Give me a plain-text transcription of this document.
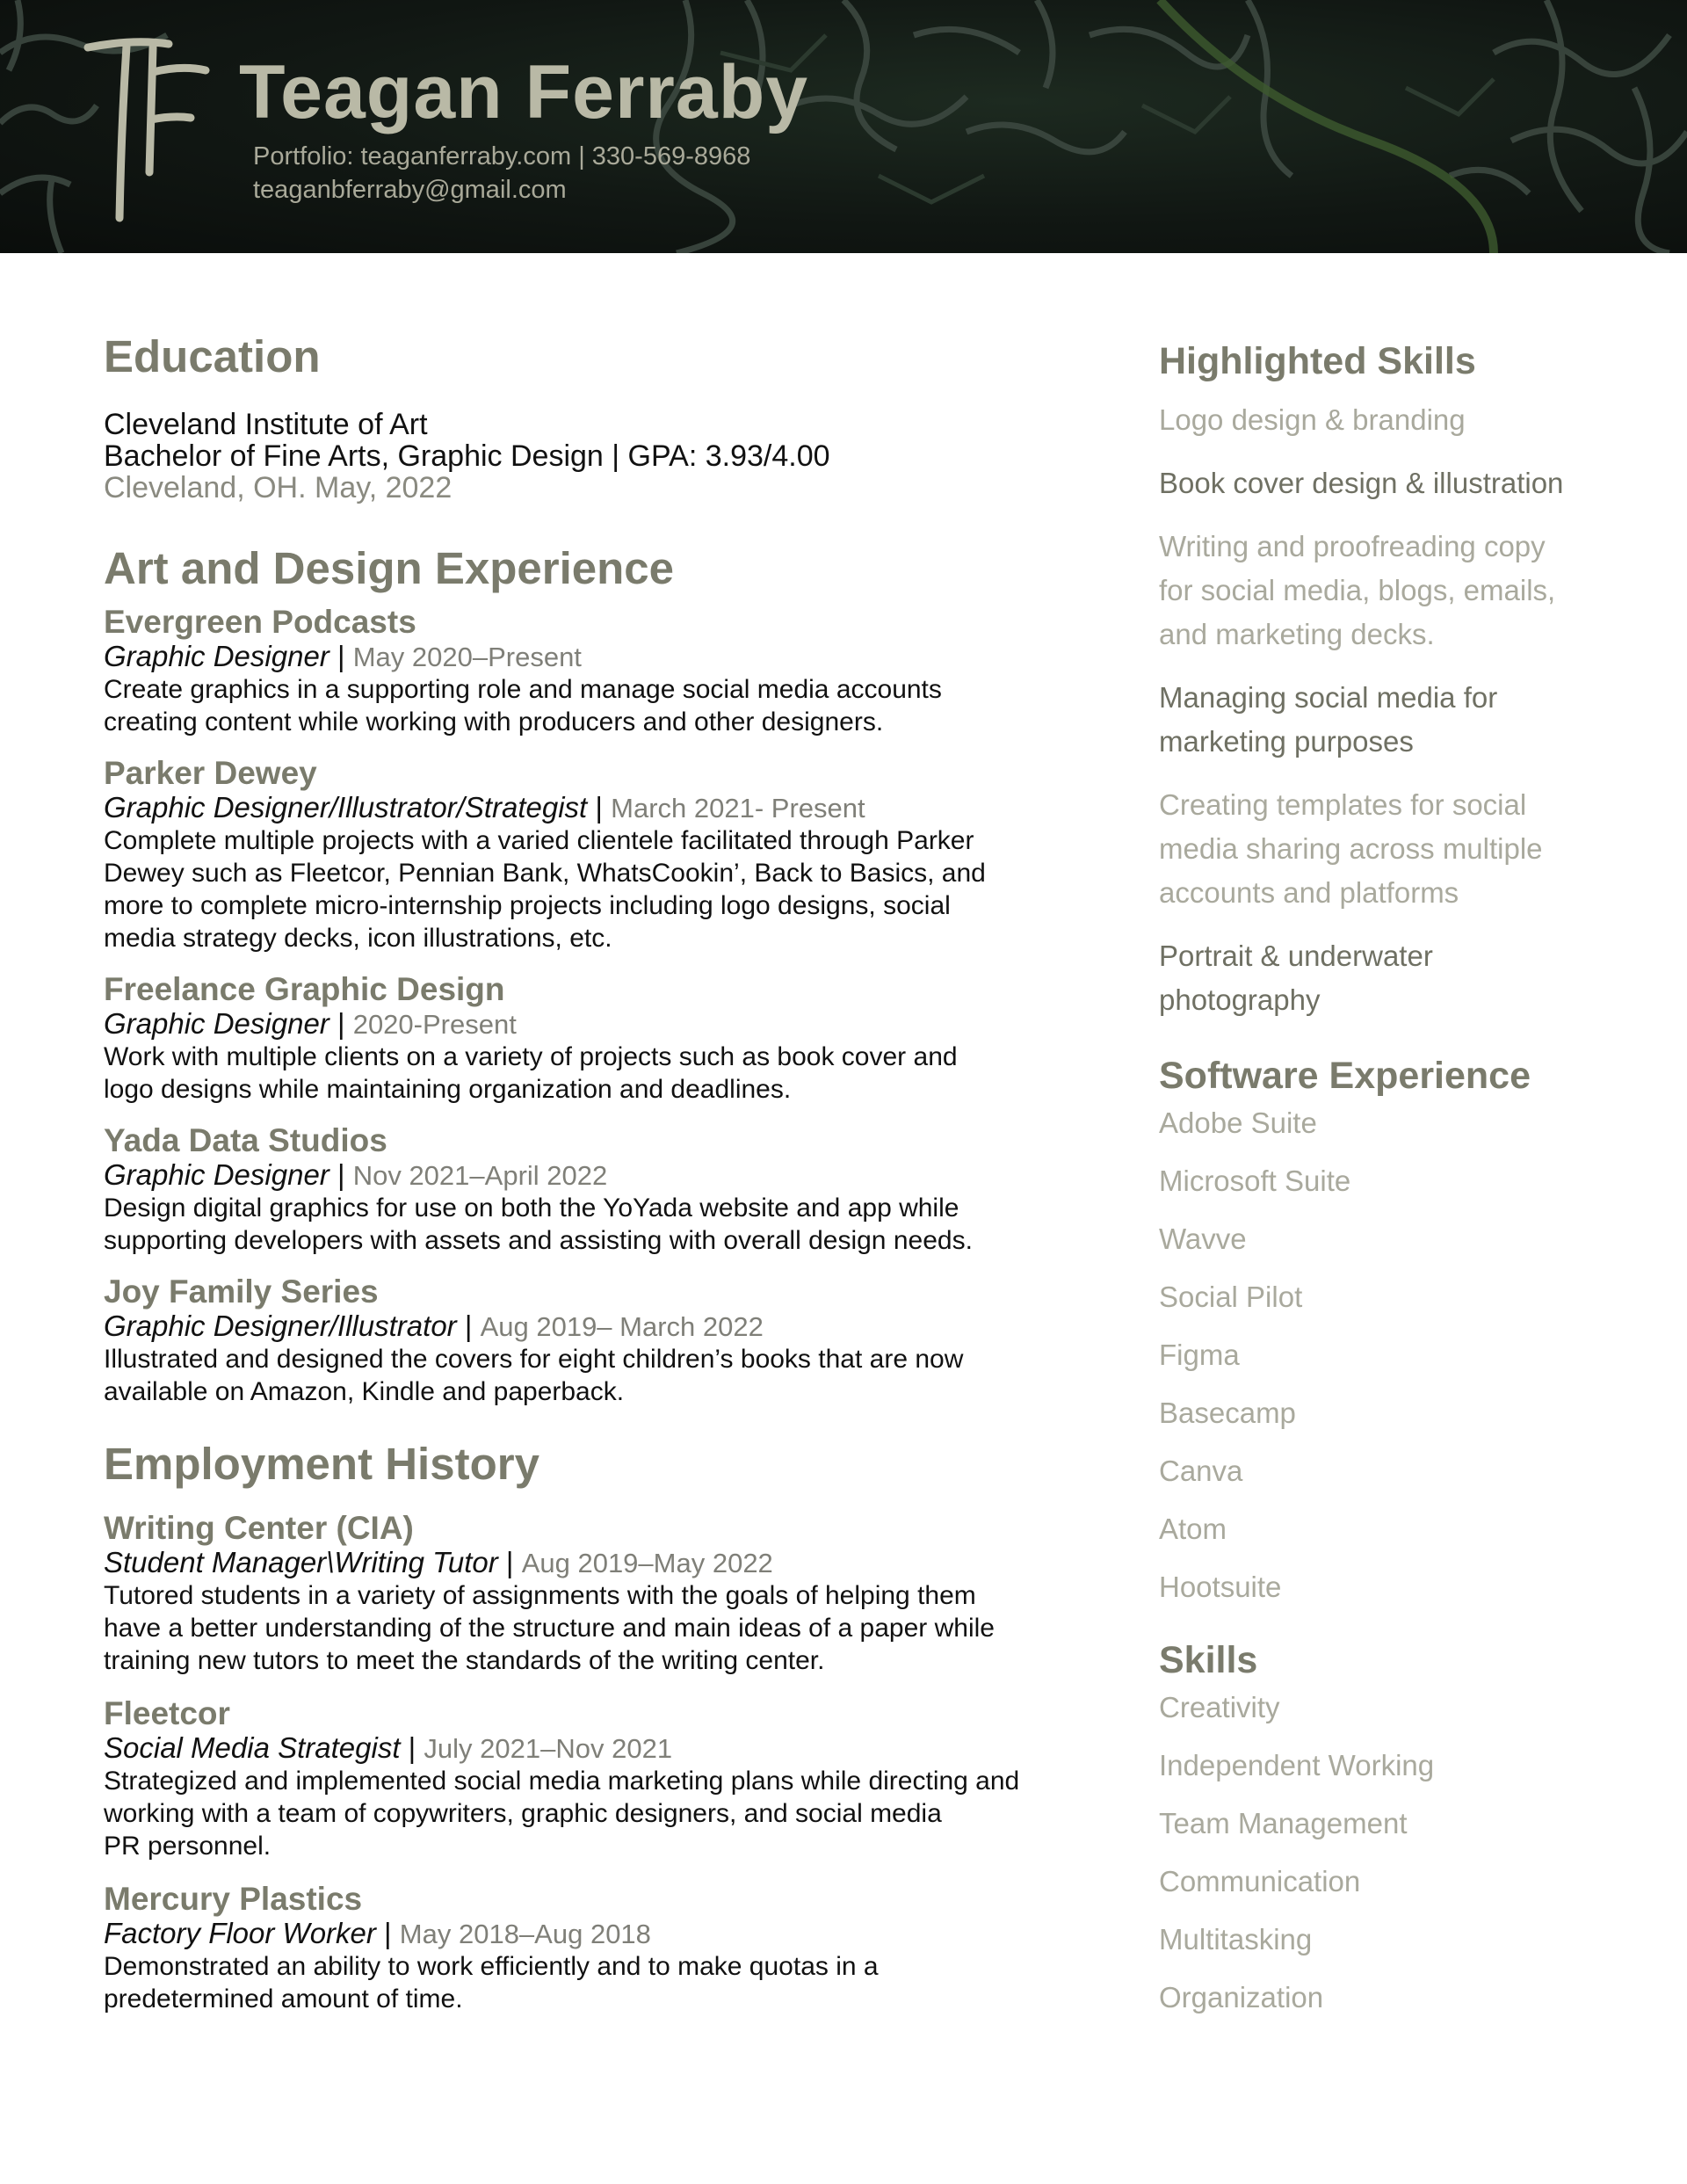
Teagan Ferraby
Portfolio: teaganferraby.com | 330-569-8968
teaganbferraby@gmail.com
Education
Cleveland Institute of Art
Bachelor of Fine Arts, Graphic Design | GPA: 3.93/4.00
Cleveland, OH. May, 2022
Art and Design Experience
Evergreen Podcasts
Graphic Designer | May 2020–Present
Create graphics in a supporting role and manage social media accounts
creating content while working with producers and other designers.
Parker Dewey
Graphic Designer/Illustrator/Strategist | March 2021- Present
Complete multiple projects with a varied clientele facilitated through Parker
Dewey such as Fleetcor, Pennian Bank, WhatsCookin’, Back to Basics, and
more to complete micro-internship projects including logo designs, social
media strategy decks, icon illustrations, etc.
Freelance Graphic Design
Graphic Designer | 2020-Present
Work with multiple clients on a variety of projects such as book cover and
logo designs while maintaining organization and deadlines.
Yada Data Studios
Graphic Designer | Nov 2021–April 2022
Design digital graphics for use on both the YoYada website and app while
supporting developers with assets and assisting with overall design needs.
Joy Family Series
Graphic Designer/Illustrator | Aug 2019– March 2022
Illustrated and designed the covers for eight children’s books that are now
available on Amazon, Kindle and paperback.
Employment History
Writing Center (CIA)
Student Manager\Writing Tutor | Aug 2019–May 2022
Tutored students in a variety of assignments with the goals of helping them
have a better understanding of the structure and main ideas of a paper while
training new tutors to meet the standards of the writing center.
Fleetcor
Social Media Strategist | July 2021–Nov 2021
Strategized and implemented social media marketing plans while directing and
working with a team of copywriters, graphic designers, and social media
PR personnel.
Mercury Plastics
Factory Floor Worker | May 2018–Aug 2018
Demonstrated an ability to work efficiently and to make quotas in a
predetermined amount of time.
Highlighted Skills
Logo design & branding
Book cover design & illustration
Writing and proofreading copy
for social media, blogs, emails,
and marketing decks.
Managing social media for
marketing purposes
Creating templates for social
media sharing across multiple
accounts and platforms
Portrait & underwater
photography
Software Experience
Adobe Suite
Microsoft Suite
Wavve
Social Pilot
Figma
Basecamp
Canva
Atom
Hootsuite
Skills
Creativity
Independent Working
Team Management
Communication
Multitasking
Organization
